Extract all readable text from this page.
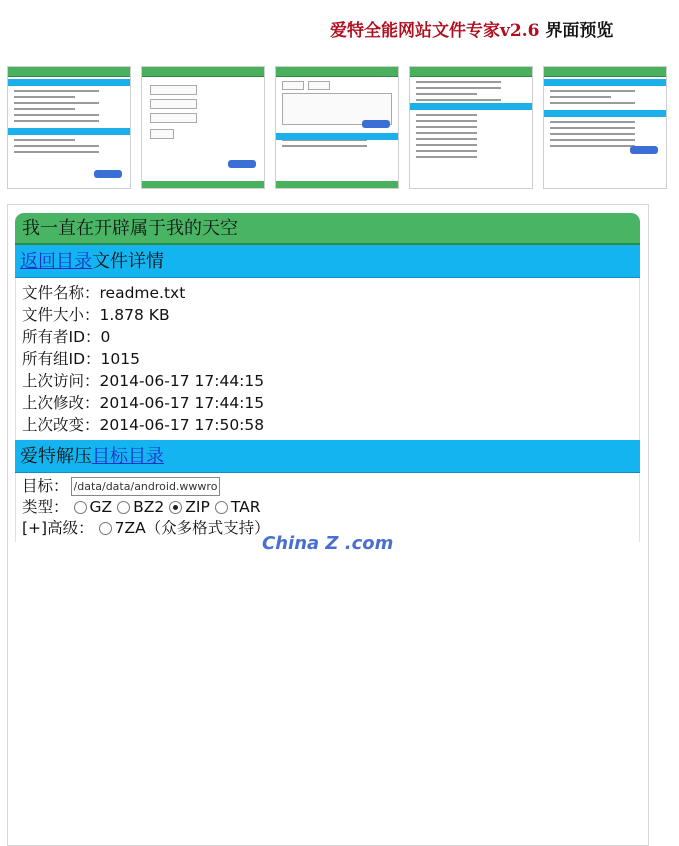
爱特全能网站文件专家v2.6 界面预览
我一直在开辟属于我的天空
返回目录文件详情
文件名称：readme.txt
文件大小：1.878 KB
所有者ID：0
所有组ID：1015
上次访问：2014-06-17 17:44:15
上次修改：2014-06-17 17:44:15
上次改变：2014-06-17 17:50:58
爱特解压目标目录
目标：
/data/data/android.wwwro
类型： GZ BZ2 ZIP TAR
[+]高级： 7ZA（众多格式支持）
China Z .com
